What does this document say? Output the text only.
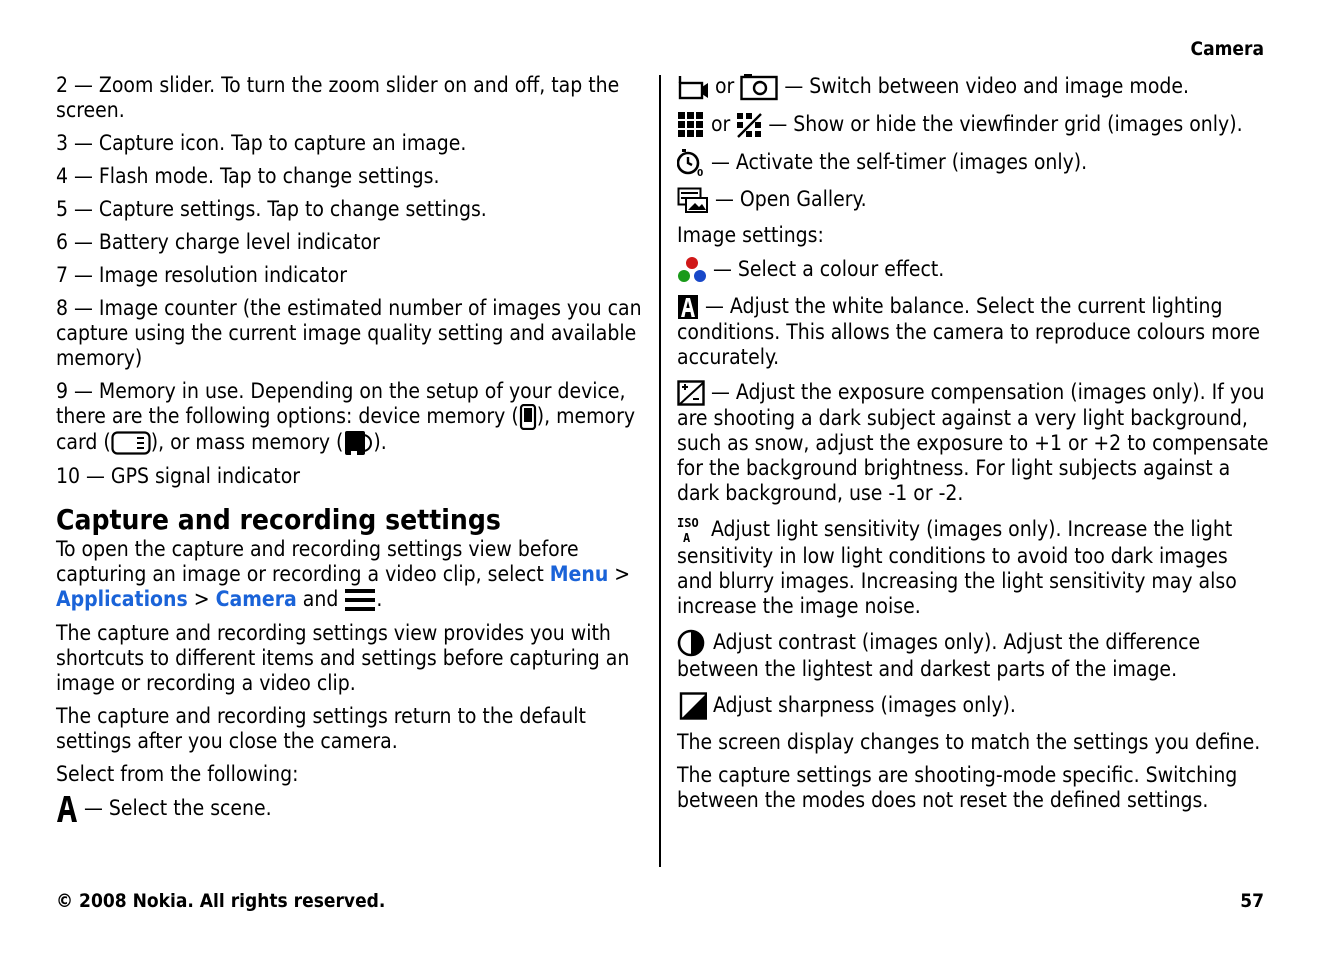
Camera

2 — Zoom slider. To turn the zoom slider on and off, tap the screen.

3 — Capture icon. Tap to capture an image.

4 — Flash mode. Tap to change settings.

5 — Capture settings. Tap to change settings.

6 — Battery charge level indicator

7 — Image resolution indicator

8 — Image counter (the estimated number of images you can capture using the current image quality setting and available memory)

9 — Memory in use. Depending on the setup of your device, there are the following options: device memory ( ), memory card ( ), or mass memory ( ).

10 — GPS signal indicator

Capture and recording settings

To open the capture and recording settings view before capturing an image or recording a video clip, select Menu > Applications > Camera and
.

The capture and recording settings view provides you with shortcuts to different items and settings before capturing an image or recording a video clip.

The capture and recording settings return to the default settings after you close the camera.

Select from the following:

— Select the scene.

or — Switch between video and image mode.

or — Show or hide the viewfinder grid (images only).

0 — Activate the self-timer (images only).

— Open Gallery.

Image settings:

— Select a colour effect.

— Adjust the white balance. Select the current lighting conditions. This allows the camera to reproduce colours more accurately.

— Adjust the exposure compensation (images only). If you are shooting a dark subject against a very light background, such as snow, adjust the exposure to +1 or +2 to compensate for the background brightness. For light subjects against a dark background, use -1 or -2.

ISO
A Adjust light sensitivity (images only). Increase the light sensitivity in low light conditions to avoid too dark images and blurry images. Increasing the light sensitivity may also increase the image noise.

Adjust contrast (images only). Adjust the difference between the lightest and darkest parts of the image.

Adjust sharpness (images only).

The screen display changes to match the settings you define.

The capture settings are shooting-mode specific. Switching between the modes does not reset the defined settings.

© 2008 Nokia. All rights reserved.	57
